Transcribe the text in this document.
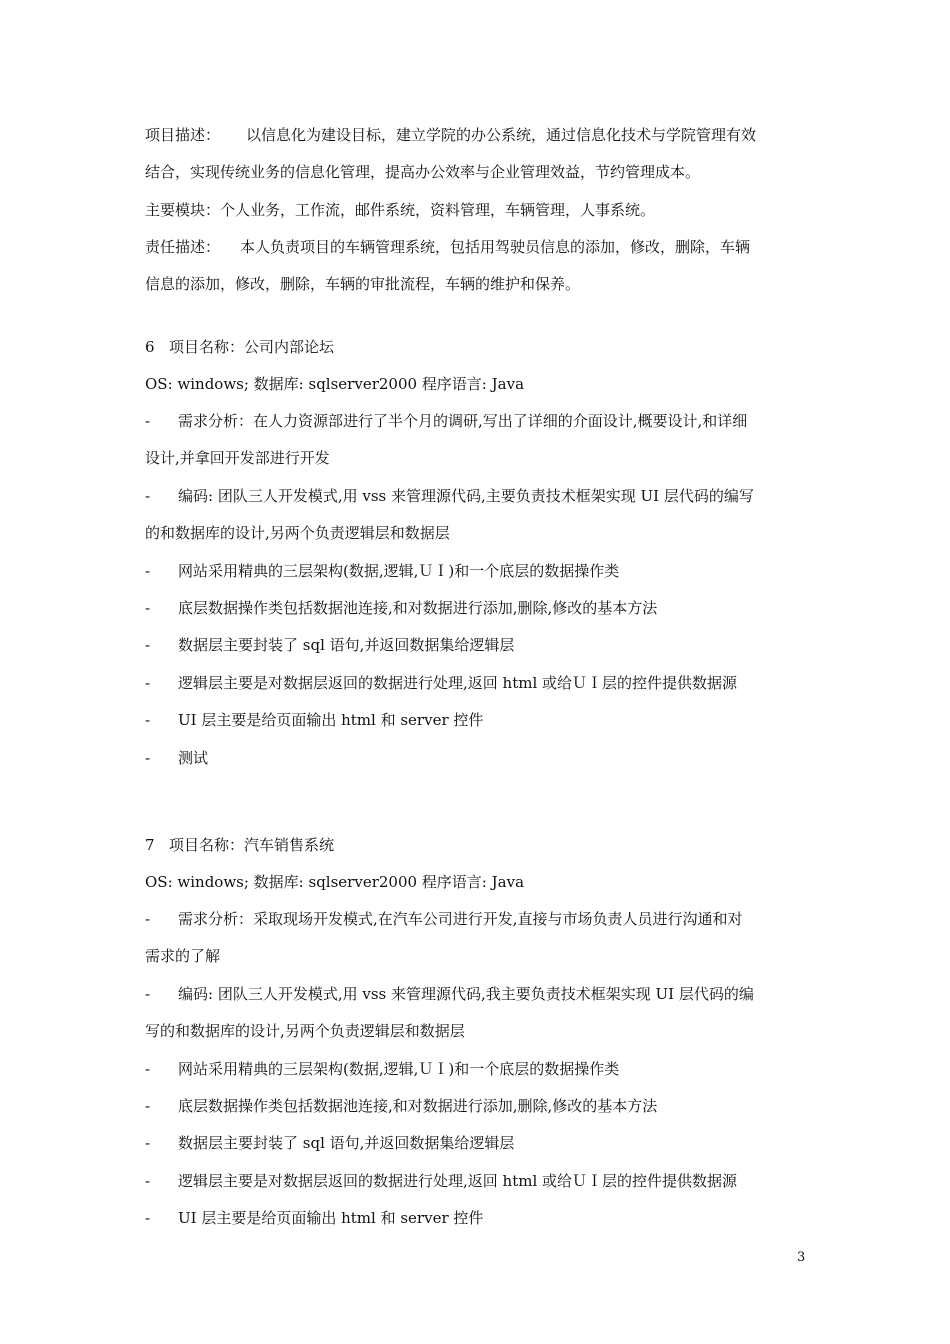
项目描述： 以信息化为建设目标，建立学院的办公系统，通过信息化技术与学院管理有效
结合，实现传统业务的信息化管理，提高办公效率与企业管理效益，节约管理成本。
主要模块：个人业务，工作流，邮件系统，资料管理，车辆管理，人事系统。
责任描述： 本人负责项目的车辆管理系统，包括用驾驶员信息的添加，修改，删除，车辆
信息的添加，修改，删除，车辆的审批流程，车辆的维护和保养。
6 项目名称：公司内部论坛
OS: windows; 数据库: sqlserver2000 程序语言: Java
- 需求分析：在人力资源部进行了半个月的调研,写出了详细的介面设计,概要设计,和详细
设计,并拿回开发部进行开发
- 编码: 团队三人开发模式,用 vss 来管理源代码,主要负责技术框架实现 UI 层代码的编写
的和数据库的设计,另两个负责逻辑层和数据层
- 网站采用精典的三层架构(数据,逻辑,ＵＩ)和一个底层的数据操作类
- 底层数据操作类包括数据池连接,和对数据进行添加,删除,修改的基本方法
- 数据层主要封装了 sql 语句,并返回数据集给逻辑层
- 逻辑层主要是对数据层返回的数据进行处理,返回 html 或给ＵＩ层的控件提供数据源
- UI 层主要是给页面输出 html 和 server 控件
- 测试
7 项目名称：汽车销售系统
OS: windows; 数据库: sqlserver2000 程序语言: Java
- 需求分析：采取现场开发模式,在汽车公司进行开发,直接与市场负责人员进行沟通和对
需求的了解
- 编码: 团队三人开发模式,用 vss 来管理源代码,我主要负责技术框架实现 UI 层代码的编
写的和数据库的设计,另两个负责逻辑层和数据层
- 网站采用精典的三层架构(数据,逻辑,ＵＩ)和一个底层的数据操作类
- 底层数据操作类包括数据池连接,和对数据进行添加,删除,修改的基本方法
- 数据层主要封装了 sql 语句,并返回数据集给逻辑层
- 逻辑层主要是对数据层返回的数据进行处理,返回 html 或给ＵＩ层的控件提供数据源
- UI 层主要是给页面输出 html 和 server 控件
3
